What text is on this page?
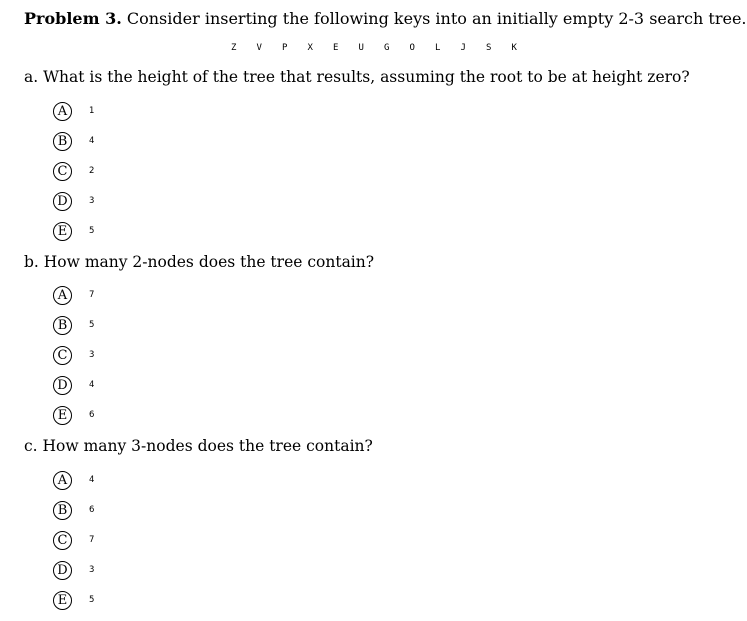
Problem 3. Consider inserting the following keys into an initially empty 2-3 search tree.
Z V P X E U G O L J S K
a. What is the height of the tree that results, assuming the root to be at height zero?
A	1
B	4
C	2
D	3
E	5
b. How many 2-nodes does the tree contain?
A	7
B	5
C	3
D	4
E	6
c. How many 3-nodes does the tree contain?
A	4
B	6
C	7
D	3
E	5
